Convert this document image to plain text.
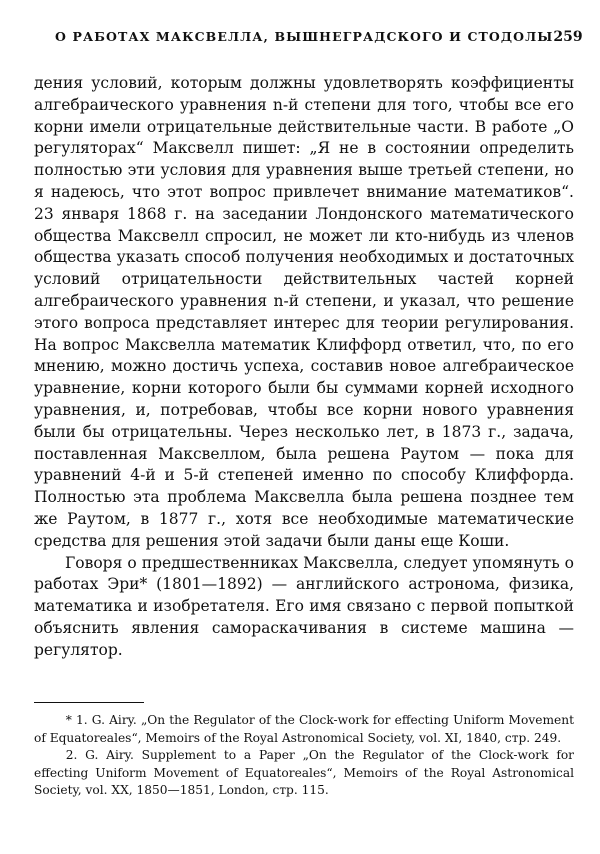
О РАБОТАХ МАКСВЕЛЛА, ВЫШНЕГРАДСКОГО И СТОДОЛЫ 259

дения условий, которым должны удовлетворять коэффициенты алгебраического уравнения n-й степени для того, чтобы все его корни имели отрицательные действительные части. В работе „О регуляторах“ Максвелл пишет: „Я не в состоянии определить полностью эти условия для уравнения выше третьей степени, но я надеюсь, что этот вопрос привлечет внимание математиков“. 23 января 1868 г. на заседании Лондонского математического общества Максвелл спросил, не может ли кто-нибудь из членов общества указать способ получения необходимых и достаточных условий отрицательности действительных частей корней алгебраического уравнения n-й степени, и указал, что решение этого вопроса представляет интерес для теории регулирования. На вопрос Максвелла математик Клиффорд ответил, что, по его мнению, можно достичь успеха, составив новое алгебраическое уравнение, корни которого были бы суммами корней исходного уравнения, и, потребовав, чтобы все корни нового уравнения были бы отрицательны. Через несколько лет, в 1873 г., задача, поставленная Максвеллом, была решена Раутом — пока для уравнений 4-й и 5-й степеней именно по способу Клиффорда. Полностью эта проблема Максвелла была решена позднее тем же Раутом, в 1877 г., хотя все необходимые математические средства для решения этой задачи были даны еще Коши.

Говоря о предшественниках Максвелла, следует упомянуть о работах Эри* (1801—1892) — английского астронома, физика, математика и изобретателя. Его имя связано с первой попыткой объяснить явления самораскачивания в системе машина — регулятор.

* 1. G. Airy. „On the Regulator of the Clock-work for effecting Uniform Movement of Equatoreales“, Memoirs of the Royal Astronomical Society, vol. XI, 1840, стр. 249.

2. G. Airy. Supplement to a Paper „On the Regulator of the Clock-work for effecting Uniform Movement of Equatoreales“, Memoirs of the Royal Astronomical Society, vol. XX, 1850—1851, London, стр. 115.
